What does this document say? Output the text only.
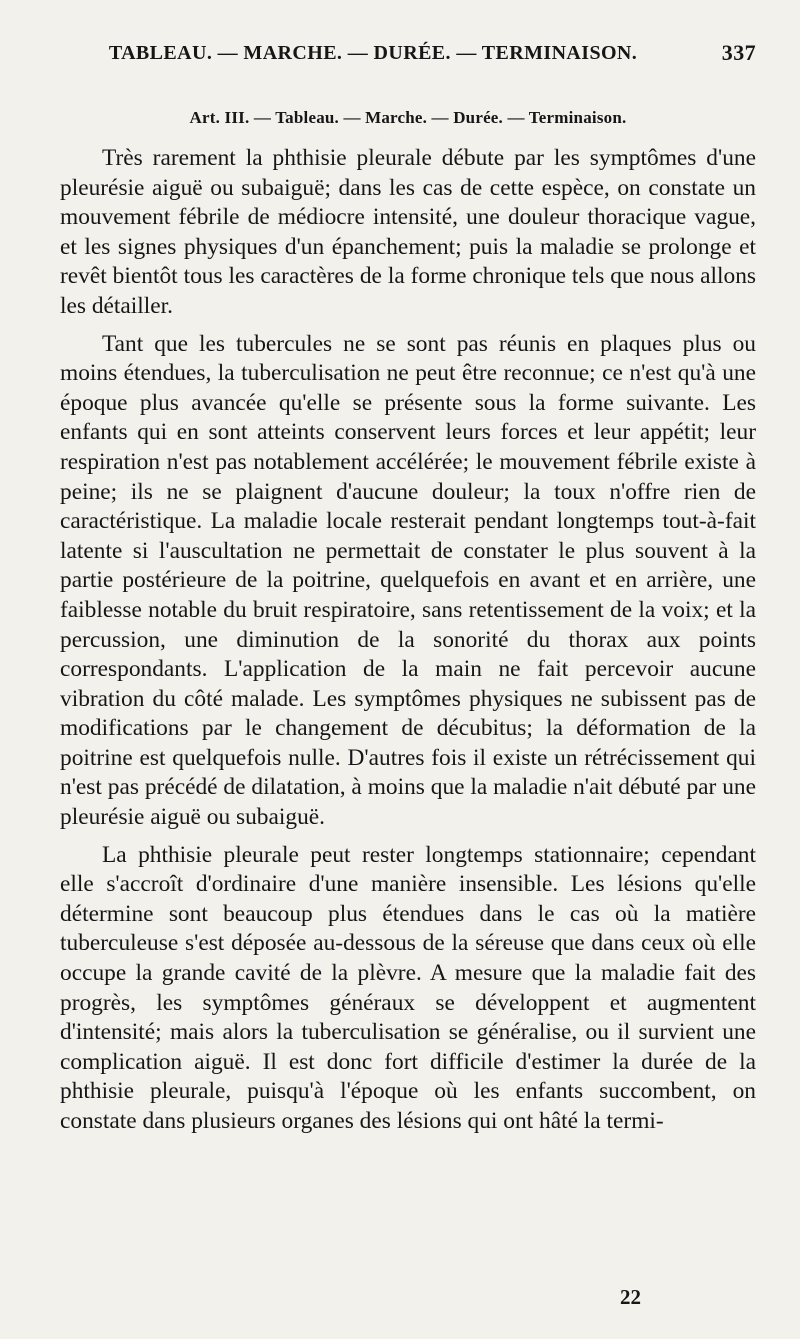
TABLEAU. — MARCHE. — DURÉE. — TERMINAISON.	337
Art. III. — Tableau. — Marche. — Durée. — Terminaison.

Très rarement la phthisie pleurale débute par les symptômes d'une pleurésie aiguë ou subaiguë; dans les cas de cette espèce, on constate un mouvement fébrile de médiocre intensité, une douleur thoracique vague, et les signes physiques d'un épanchement; puis la maladie se prolonge et revêt bientôt tous les caractères de la forme chronique tels que nous allons les détailler.

Tant que les tubercules ne se sont pas réunis en plaques plus ou moins étendues, la tuberculisation ne peut être reconnue; ce n'est qu'à une époque plus avancée qu'elle se présente sous la forme suivante. Les enfants qui en sont atteints conservent leurs forces et leur appétit; leur respiration n'est pas notablement accélérée; le mouvement fébrile existe à peine; ils ne se plaignent d'aucune douleur; la toux n'offre rien de caractéristique. La maladie locale resterait pendant longtemps tout-à-fait latente si l'auscultation ne permettait de constater le plus souvent à la partie postérieure de la poitrine, quelquefois en avant et en arrière, une faiblesse notable du bruit respiratoire, sans retentissement de la voix; et la percussion, une diminution de la sonorité du thorax aux points correspondants. L'application de la main ne fait percevoir aucune vibration du côté malade. Les symptômes physiques ne subissent pas de modifications par le changement de décubitus; la déformation de la poitrine est quelquefois nulle. D'autres fois il existe un rétrécissement qui n'est pas précédé de dilatation, à moins que la maladie n'ait débuté par une pleurésie aiguë ou subaiguë.

La phthisie pleurale peut rester longtemps stationnaire; cependant elle s'accroît d'ordinaire d'une manière insensible. Les lésions qu'elle détermine sont beaucoup plus étendues dans le cas où la matière tuberculeuse s'est déposée au-dessous de la séreuse que dans ceux où elle occupe la grande cavité de la plèvre. A mesure que la maladie fait des progrès, les symptômes généraux se développent et augmentent d'intensité; mais alors la tuberculisation se généralise, ou il survient une complication aiguë. Il est donc fort difficile d'estimer la durée de la phthisie pleurale, puisqu'à l'époque où les enfants succombent, on constate dans plusieurs organes des lésions qui ont hâté la termi-

22
